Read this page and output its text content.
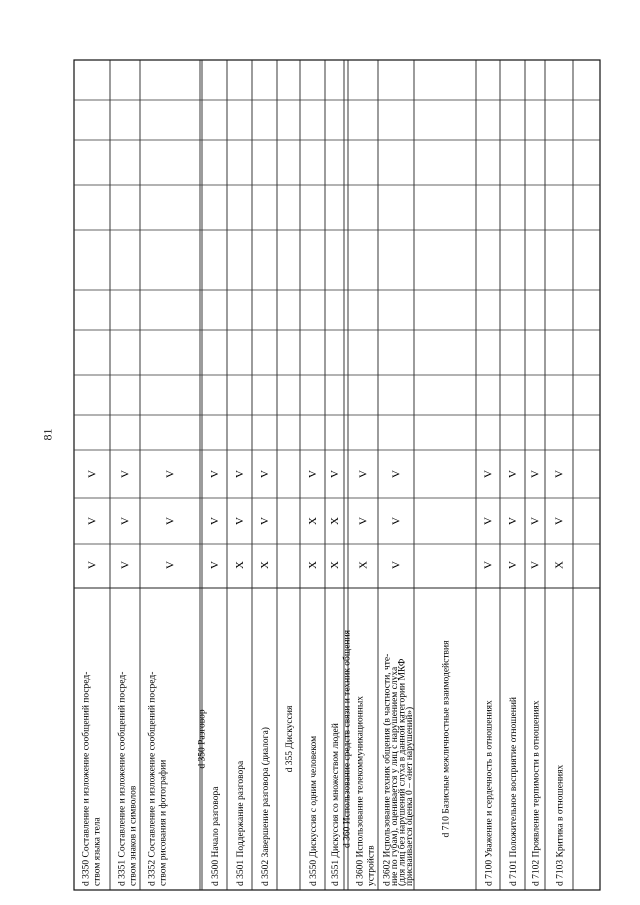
81
d 3350 Составление и изложение сообщений посред- ством языка тела
V
V
V
d 3351 Составление и изложение сообщений посред- ством знаков и символов
V
V
V
d 3352 Составление и изложение сообщений посред- ством рисования и фотографии
V
V
V
d 350 Разговор
d 3500 Начало разговора
V
V
V
d 3501 Поддержание разговора
X
V
V
d 3502 Завершение разговора (диалога)
X
V
V
d 355 Дискуссия d 3550 Дискуссия с одним человеком
X
X
V
d 3551 Дискуссия со множеством людей
X
X
V
d 360 Использование средств связи и техник общения d 3600 Использование телекоммуникационных устройств
X
V
V
d 3602 Использование техник общения (в частности, чте-
ние по губам), оценивается у лиц с нарушением слуха
(для лиц без нарушений слуха в данной категории МКФ
присваивается оценка 0 – «нет нарушений»)
V
V
V
d 710 Базисные межличностные взаимодействия	d 7100 Уважение и сердечность в отношениях
V
V
V
d 7101 Положительное восприятие отношений
V
V
V
d 7102 Проявление терпимости в отношениях
V
V
V
d 7103 Критика в отношениях
X
V
V
